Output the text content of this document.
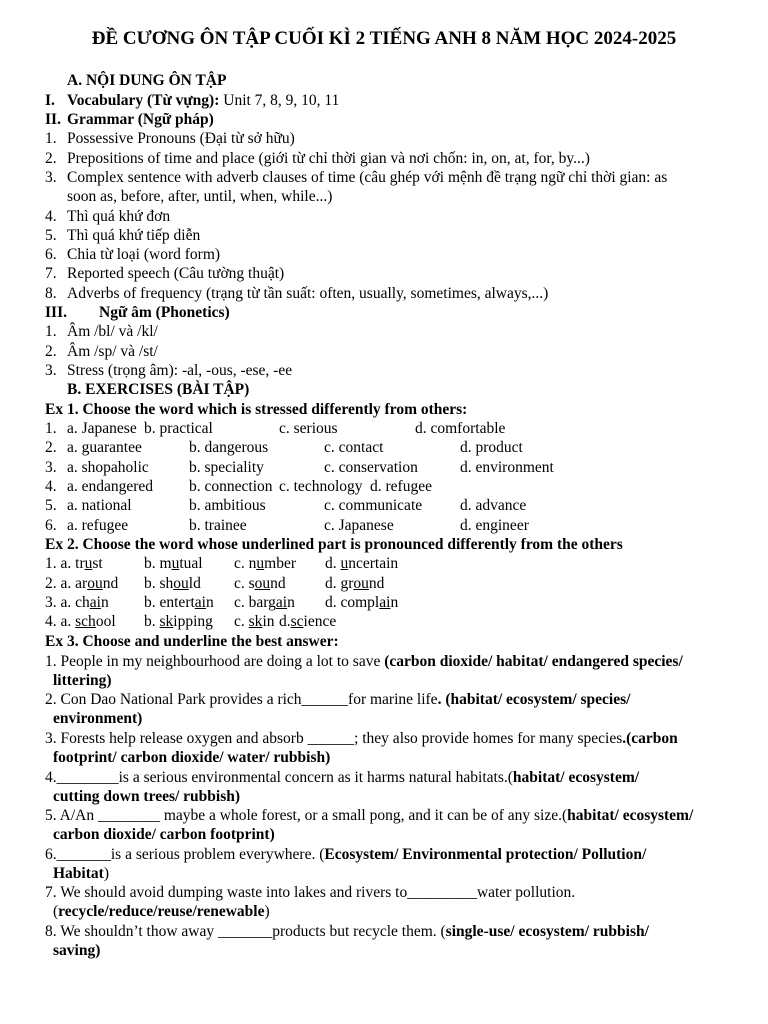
ĐỀ CƯƠNG ÔN TẬP CUỐI KÌ 2 TIẾNG ANH 8 NĂM HỌC 2024-2025
A. NỘI DUNG ÔN TẬP
I. Vocabulary (Từ vựng): Unit 7, 8, 9, 10, 11
II. Grammar (Ngữ pháp)
1. Possessive Pronouns (Đại từ sở hữu)
2. Prepositions of time and place (giới từ chỉ thời gian và nơi chốn: in, on, at, for, by...)
3. Complex sentence with adverb clauses of time (câu ghép với mệnh đề trạng ngữ chỉ thời gian: as
soon as, before, after, until, when, while...)
4. Thì quá khứ đơn
5. Thì quá khứ tiếp diễn
6. Chia từ loại (word form)
7. Reported speech (Câu tường thuật)
8. Adverbs of frequency (trạng từ tần suất: often, usually, sometimes, always,...)
III. Ngữ âm (Phonetics)
1. Âm /bl/ và /kl/
2. Âm /sp/ và /st/
3. Stress (trọng âm): -al, -ous, -ese, -ee
B. EXERCISES (BÀI TẬP)
Ex 1. Choose the word which is stressed differently from others:
1. a. Japanese b. practical	c. serious	d. comfortable
2. a. guarantee	b. dangerous	c. contact	d. product
3. a. shopaholic	b. speciality	c. conservation	d. environment
4. a. endangered b. connection c. technology d. refugee
5. a. national	b. ambitious	c. communicate d. advance
6. a. refugee	b. trainee	c. Japanese	d. engineer
Ex 2. Choose the word whose underlined part is pronounced differently from the others
1. a. trust	b. mutual c. number d. uncertain
2. a. around b. should c. sound	d. ground
3. a. chain b. entertain c. bargain d. complain
4. a. school b. skipping c. skin d.science
Ex 3. Choose and underline the best answer:
1. People in my neighbourhood are doing a lot to save (carbon dioxide/ habitat/ endangered species/
littering)
2. Con Dao National Park provides a rich______for marine life. (habitat/ ecosystem/ species/
environment)
3. Forests help release oxygen and absorb ______; they also provide homes for many species.(carbon
footprint/ carbon dioxide/ water/ rubbish)
4.________is a serious environmental concern as it harms natural habitats.(habitat/ ecosystem/
cutting down trees/ rubbish)
5. A/An ________ maybe a whole forest, or a small pong, and it can be of any size.(habitat/ ecosystem/
carbon dioxide/ carbon footprint)
6._______is a serious problem everywhere. (Ecosystem/ Environmental protection/ Pollution/
Habitat)
7. We should avoid dumping waste into lakes and rivers to_________water pollution.
(recycle/reduce/reuse/renewable)
8. We shouldn’t thow away _______products but recycle them. (single-use/ ecosystem/ rubbish/
saving)
